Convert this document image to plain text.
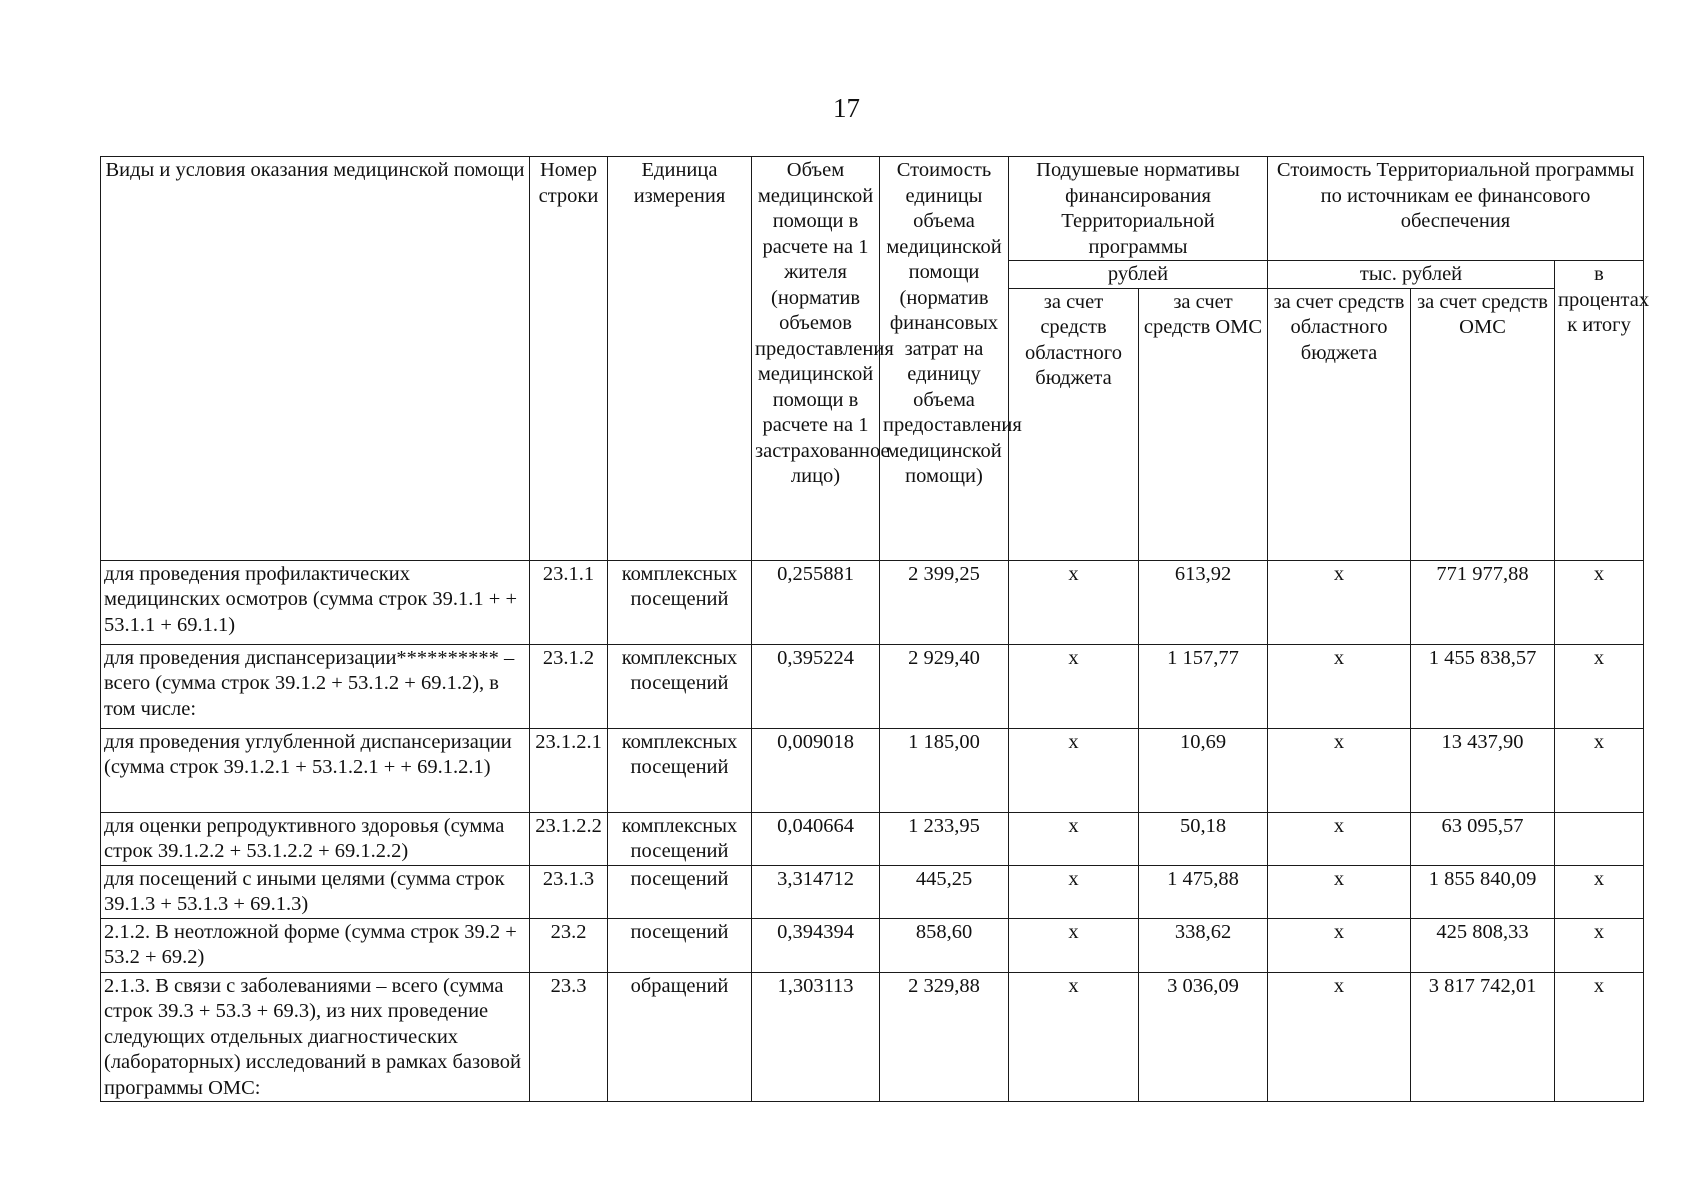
17
Виды и условия оказания медицинской помощи	Номер строки	Единица измерения	Объем медицинской помощи в расчете на 1 жителя (норматив объемов предоставления медицинской помощи в расчете на 1 застрахованное лицо)	Стоимость единицы объема медицинской помощи (норматив финансовых затрат на единицу объема предоставления медицинской помощи)	Подушевые нормативы финансирования Территориальной программы		Стоимость Территориальной программы по источникам ее финансового обеспечения		
					рублей		тыс. рублей		в процентах к итогу
					за счет средств областного бюджета	за счет средств ОМС	за счет средств областного бюджета	за счет средств ОМС	
для проведения профилактических медицинских осмотров (сумма строк 39.1.1 + + 53.1.1 + 69.1.1)	23.1.1	комплексных посещений	0,255881	2 399,25	х	613,92	х	771 977,88	х
для проведения диспансеризации********** – всего (сумма строк 39.1.2 + 53.1.2 + 69.1.2), в том числе:	23.1.2	комплексных посещений	0,395224	2 929,40	х	1 157,77	х	1 455 838,57	х
для проведения углубленной диспансеризации (сумма строк 39.1.2.1 + 53.1.2.1 + + 69.1.2.1)	23.1.2.1	комплексных посещений	0,009018	1 185,00	х	10,69	х	13 437,90	х
для оценки репродуктивного здоровья (сумма строк 39.1.2.2 + 53.1.2.2 + 69.1.2.2)	23.1.2.2	комплексных посещений	0,040664	1 233,95	х	50,18	х	63 095,57	
для посещений с иными целями (сумма строк 39.1.3 + 53.1.3 + 69.1.3)	23.1.3	посещений	3,314712	445,25	х	1 475,88	х	1 855 840,09	х
2.1.2. В неотложной форме (сумма строк 39.2 + 53.2 + 69.2)	23.2	посещений	0,394394	858,60	х	338,62	х	425 808,33	х
2.1.3. В связи с заболеваниями – всего (сумма строк 39.3 + 53.3 + 69.3), из них проведение следующих отдельных диагностических (лабораторных) исследований в рамках базовой программы ОМС:	23.3	обращений	1,303113	2 329,88	х	3 036,09	х	3 817 742,01	х
